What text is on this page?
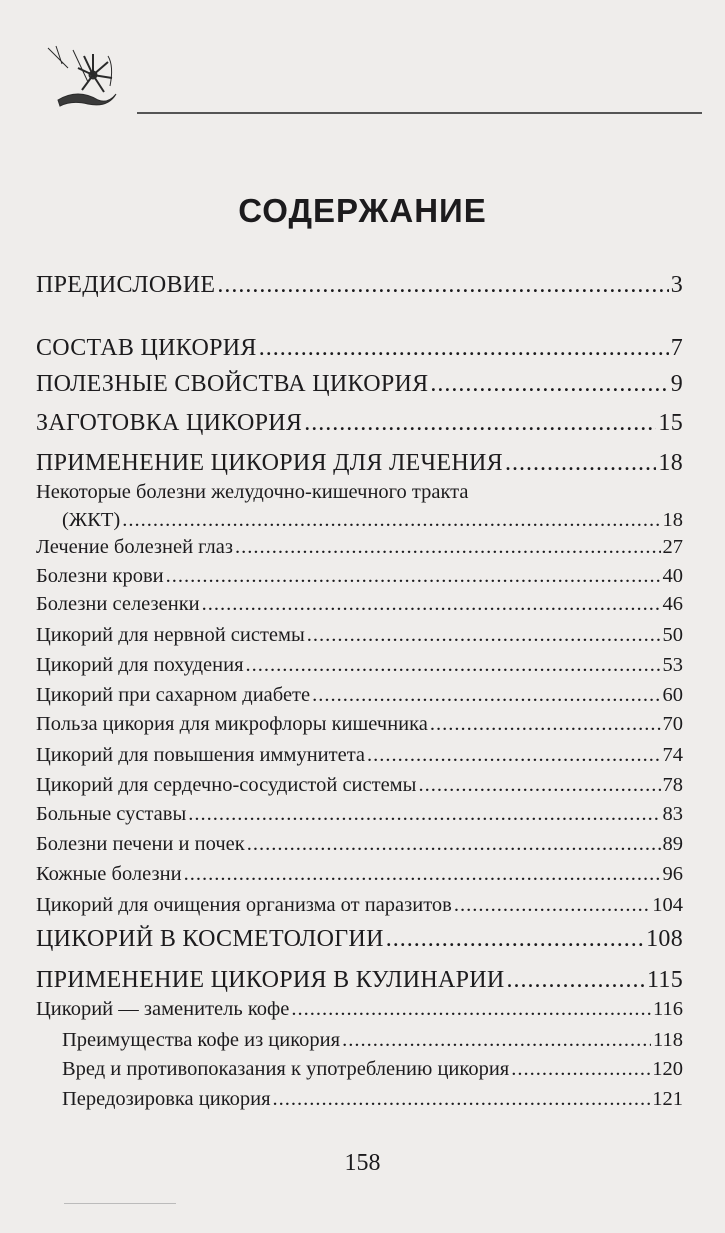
СОДЕРЖАНИЕ
ПРЕДИСЛОВИЕ .....	3
СОСТАВ ЦИКОРИЯ .....	7
ПОЛЕЗНЫЕ СВОЙСТВА ЦИКОРИЯ .....	9
ЗАГОТОВКА ЦИКОРИЯ .....	15
ПРИМЕНЕНИЕ ЦИКОРИЯ ДЛЯ ЛЕЧЕНИЯ .....	18
Некоторые болезни желудочно-кишечного тракта
(ЖКТ) .....	18
Лечение болезней глаз .....	27
Болезни крови .....	40
Болезни селезенки .....	46
Цикорий для нервной системы .....	50
Цикорий для похудения .....	53
Цикорий при сахарном диабете .....	60
Польза цикория для микрофлоры кишечника .....	70
Цикорий для повышения иммунитета .....	74
Цикорий для сердечно-сосудистой системы .....	78
Больные суставы .....	83
Болезни печени и почек .....	89
Кожные болезни .....	96
Цикорий для очищения организма от паразитов .....	104
ЦИКОРИЙ В КОСМЕТОЛОГИИ .....	108
ПРИМЕНЕНИЕ ЦИКОРИЯ В КУЛИНАРИИ .....	115
Цикорий — заменитель кофе .....	116
Преимущества кофе из цикория .....	118
Вред и противопоказания к употреблению цикория .....	120
Передозировка цикория .....	121
158
